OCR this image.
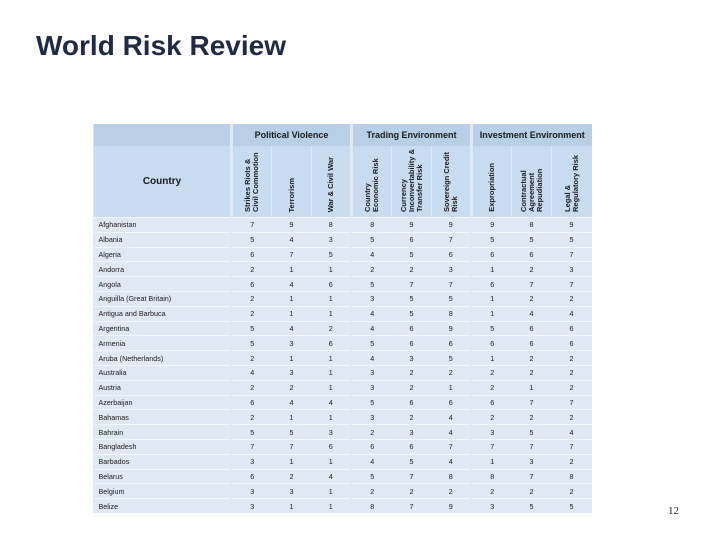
World Risk Review
	Political Violence			Trading Environment			Investment Environment		
Country	Strikes Riots & Civil Commotion	Terrorism	War & Civil War	Country Economic Risk	Currency Inconvertability & Transfer Risk	Sovereign Credit Risk	Expropriation	Contractual Agreement Repudiation	Legal & Regulatory Risk
Afghanistan	7	9	8	8	9	9	9	8	9
Albania	5	4	3	5	6	7	5	5	5
Algeria	6	7	5	4	5	6	6	6	7
Andorra	2	1	1	2	2	3	1	2	3
Angola	6	4	6	5	7	7	6	7	7
Anguilla (Great Britain)	2	1	1	3	5	5	1	2	2
Antigua and Barbuca	2	1	1	4	5	8	1	4	4
Argentina	5	4	2	4	6	9	5	6	6
Armenia	5	3	6	5	6	6	6	6	6
Aruba (Netherlands)	2	1	1	4	3	5	1	2	2
Australia	4	3	1	3	2	2	2	2	2
Austria	2	2	1	3	2	1	2	1	2
Azerbaijan	6	4	4	5	6	6	6	7	7
Bahamas	2	1	1	3	2	4	2	2	2
Bahrain	5	5	3	2	3	4	3	5	4
Bangladesh	7	7	6	6	6	7	7	7	7
Barbados	3	1	1	4	5	4	1	3	2
Belarus	6	2	4	5	7	8	8	7	8
Belgium	3	3	1	2	2	2	2	2	2
Belize	3	1	1	8	7	9	3	5	5	12
